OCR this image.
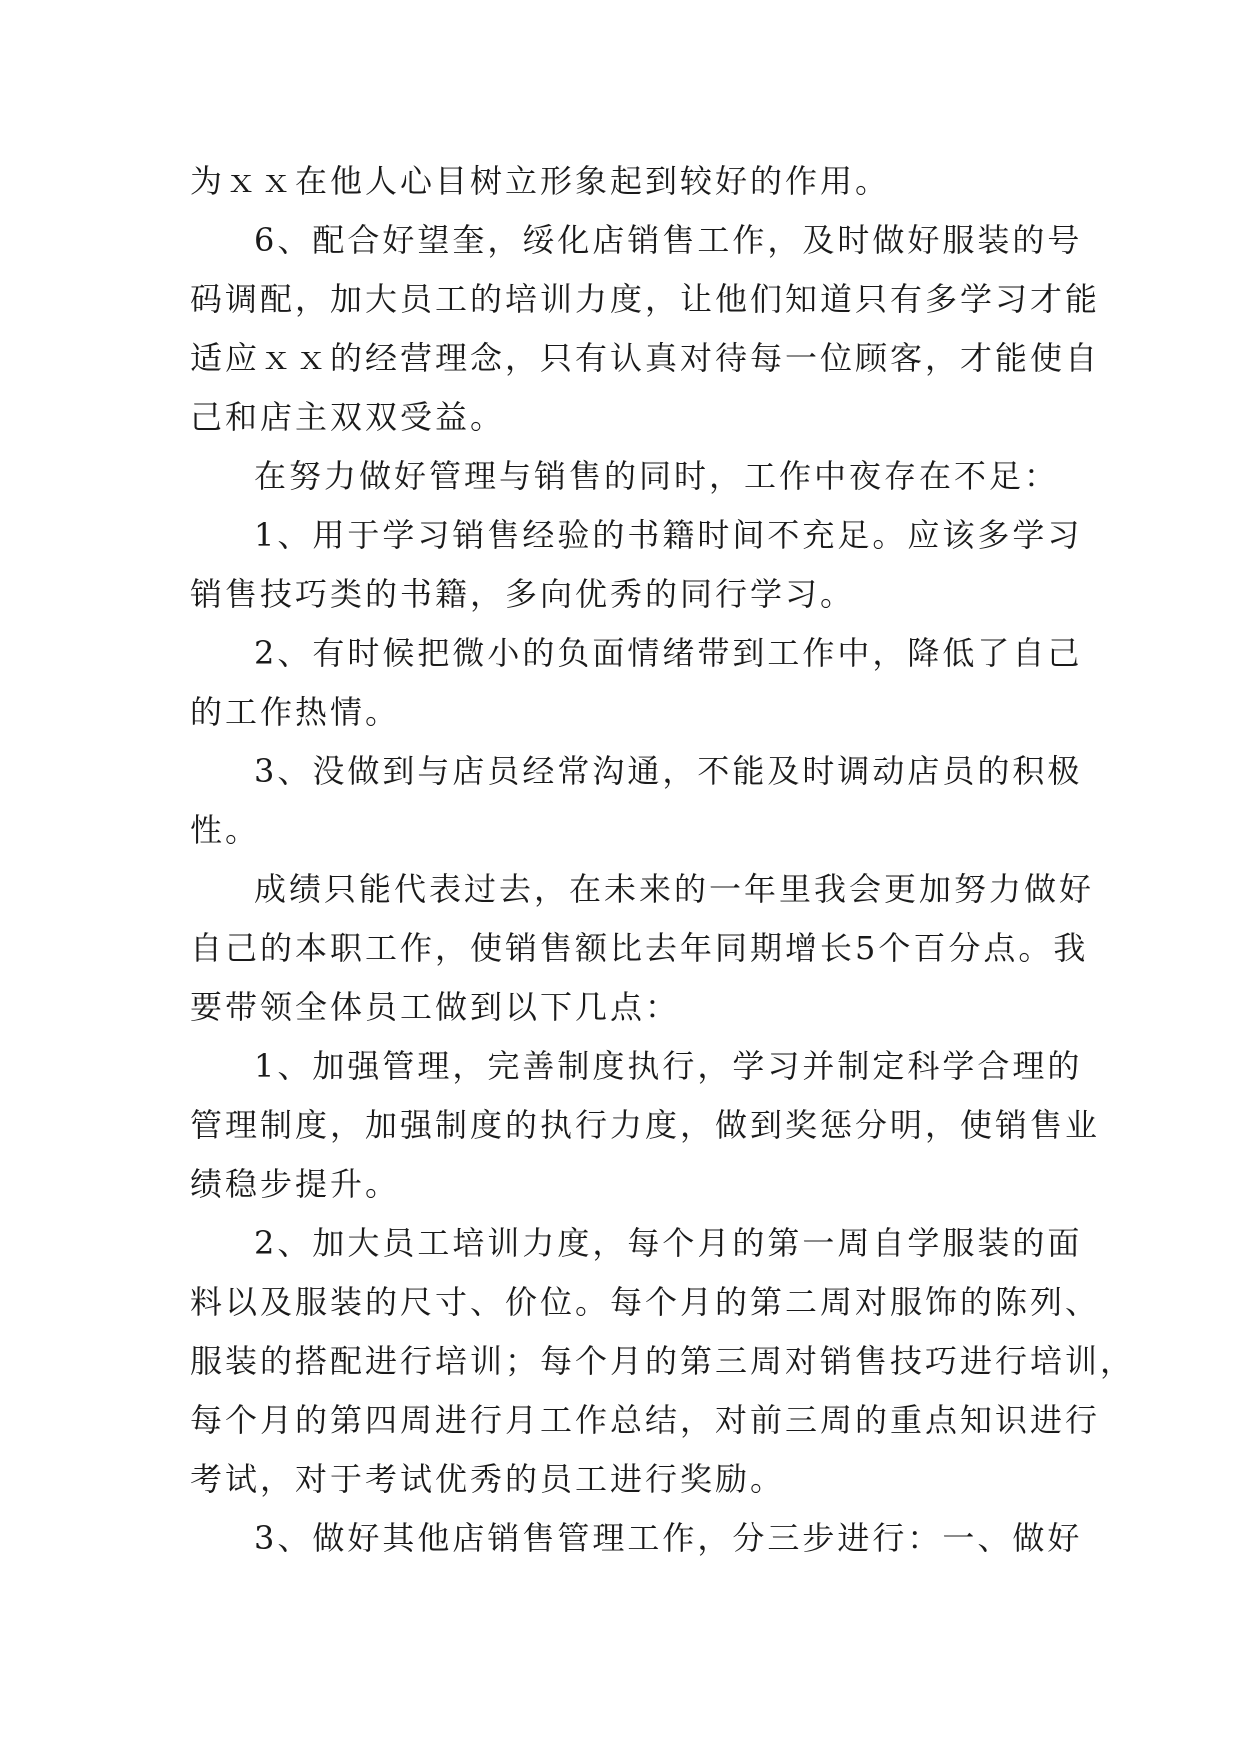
为ｘｘ在他人心目树立形象起到较好的作用。
6、配合好望奎，绥化店销售工作，及时做好服装的号
码调配，加大员工的培训力度，让他们知道只有多学习才能
适应ｘｘ的经营理念，只有认真对待每一位顾客，才能使自
己和店主双双受益。
在努力做好管理与销售的同时，工作中夜存在不足：
1、用于学习销售经验的书籍时间不充足。应该多学习
销售技巧类的书籍，多向优秀的同行学习。
2、有时候把微小的负面情绪带到工作中，降低了自己
的工作热情。
3、没做到与店员经常沟通，不能及时调动店员的积极
性。
成绩只能代表过去，在未来的一年里我会更加努力做好
自己的本职工作，使销售额比去年同期增长5个百分点。我
要带领全体员工做到以下几点：
1、加强管理，完善制度执行，学习并制定科学合理的
管理制度，加强制度的执行力度，做到奖惩分明，使销售业
绩稳步提升。
2、加大员工培训力度，每个月的第一周自学服装的面
料以及服装的尺寸、价位。每个月的第二周对服饰的陈列、
服装的搭配进行培训；每个月的第三周对销售技巧进行培训，
每个月的第四周进行月工作总结，对前三周的重点知识进行
考试，对于考试优秀的员工进行奖励。
3、做好其他店销售管理工作，分三步进行：一、做好
